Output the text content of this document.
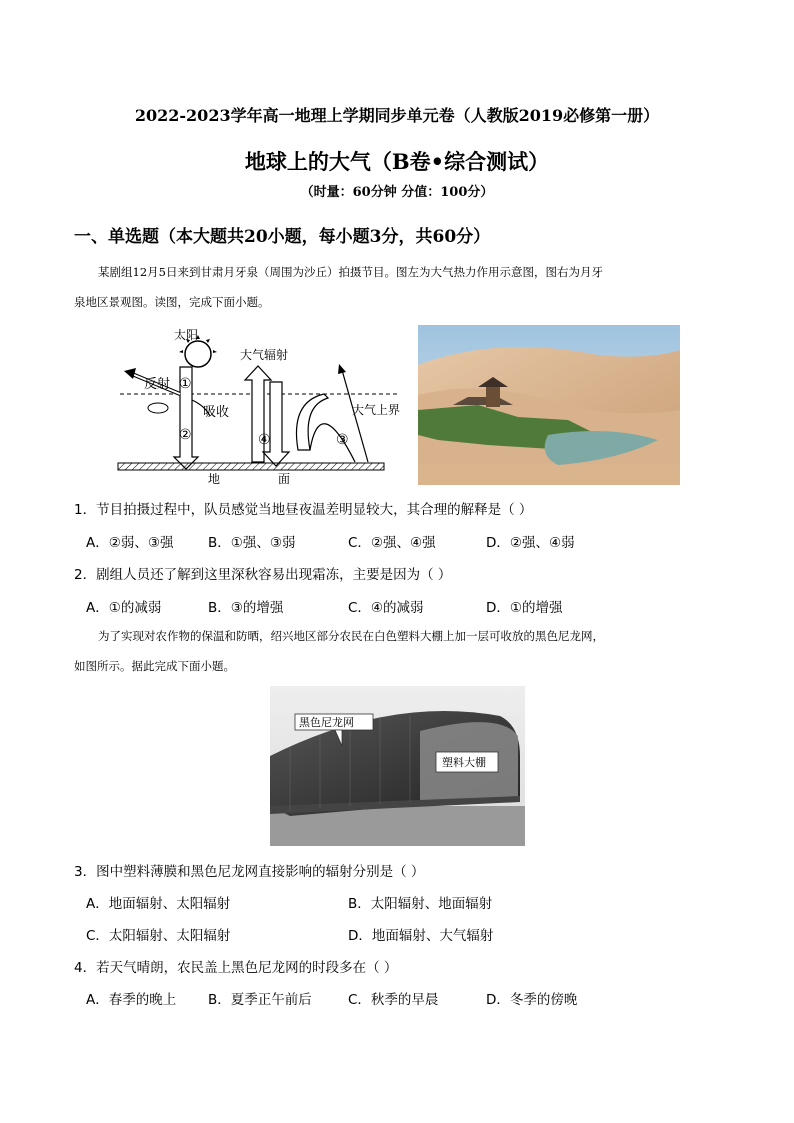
2022-2023学年高一地理上学期同步单元卷（人教版2019必修第一册）
地球上的大气（B卷•综合测试）
（时量：60分钟 分值：100分）
一、单选题（本大题共20小题，每小题3分，共60分）
某剧组12月5日来到甘肃月牙泉（周围为沙丘）拍摄节目。图左为大气热力作用示意图，图右为月牙
泉地区景观图。读图，完成下面小题。
太阳
反射
吸收
①
②
大气辐射
④	③
大气上界
地	面
1．节目拍摄过程中，队员感觉当地昼夜温差明显较大，其合理的解释是（ ）
A．②弱、③强	B．①强、③弱	C．②强、④强	D．②强、④弱
2．剧组人员还了解到这里深秋容易出现霜冻，主要是因为（ ）
A．①的减弱	B．③的增强	C．④的减弱	D．①的增强
为了实现对农作物的保温和防晒，绍兴地区部分农民在白色塑料大棚上加一层可收放的黑色尼龙网，
如图所示。据此完成下面小题。
黑色尼龙网
塑料大棚
3．图中塑料薄膜和黑色尼龙网直接影响的辐射分别是（ ）
A．地面辐射、太阳辐射	B．太阳辐射、地面辐射
C．太阳辐射、太阳辐射	D．地面辐射、大气辐射
4．若天气晴朗，农民盖上黑色尼龙网的时段多在（ ）
A．春季的晚上 B．夏季正午前后	C．秋季的早晨	D．冬季的傍晚
